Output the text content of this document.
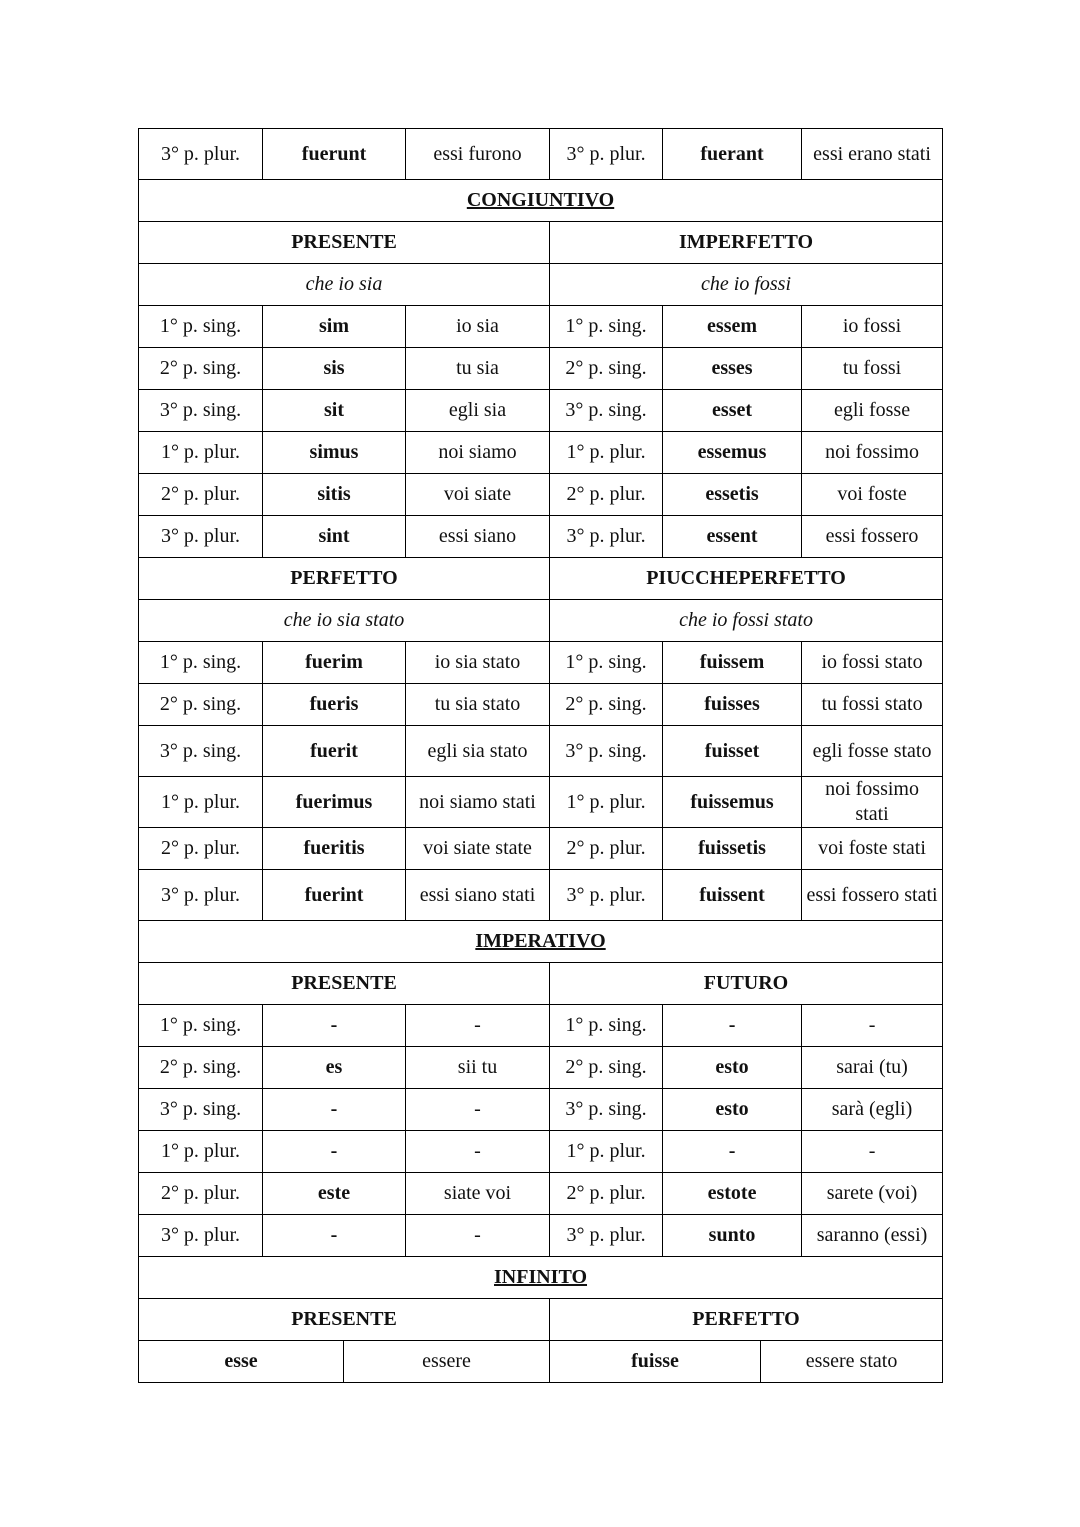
3° p. plur.	fuerunt		essi furono	3° p. plur.	fuerant		essi erano stati
CONGIUNTIVO							
PRESENTE				IMPERFETTO			
che io sia				che io fossi			
1° p. sing.	sim		io sia	1° p. sing.	essem		io fossi
2° p. sing.	sis		tu sia	2° p. sing.	esses		tu fossi
3° p. sing.	sit		egli sia	3° p. sing.	esset		egli fosse
1° p. plur.	simus		noi siamo	1° p. plur.	essemus		noi fossimo
2° p. plur.	sitis		voi siate	2° p. plur.	essetis		voi foste
3° p. plur.	sint		essi siano	3° p. plur.	essent		essi fossero
PERFETTO				PIUCCHEPERFETTO			
che io sia stato				che io fossi stato			
1° p. sing.	fuerim		io sia stato	1° p. sing.	fuissem		io fossi stato
2° p. sing.	fueris		tu sia stato	2° p. sing.	fuisses		tu fossi stato
3° p. sing.	fuerit		egli sia stato	3° p. sing.	fuisset		egli fosse stato
1° p. plur.	fuerimus		noi siamo stati	1° p. plur.	fuissemus		noi fossimo stati
2° p. plur.	fueritis		voi siate state	2° p. plur.	fuissetis		voi foste stati
3° p. plur.	fuerint		essi siano stati	3° p. plur.	fuissent		essi fossero stati
IMPERATIVO							
PRESENTE				FUTURO			
1° p. sing.	-		-	1° p. sing.	-		-
2° p. sing.	es		sii tu	2° p. sing.	esto		sarai (tu)
3° p. sing.	-		-	3° p. sing.	esto		sarà (egli)
1° p. plur.	-		-	1° p. plur.	-		-
2° p. plur.	este		siate voi	2° p. plur.	estote		sarete (voi)
3° p. plur.	-		-	3° p. plur.	sunto		saranno (essi)
INFINITO							
PRESENTE				PERFETTO			
esse		essere		fuisse		essere stato	
